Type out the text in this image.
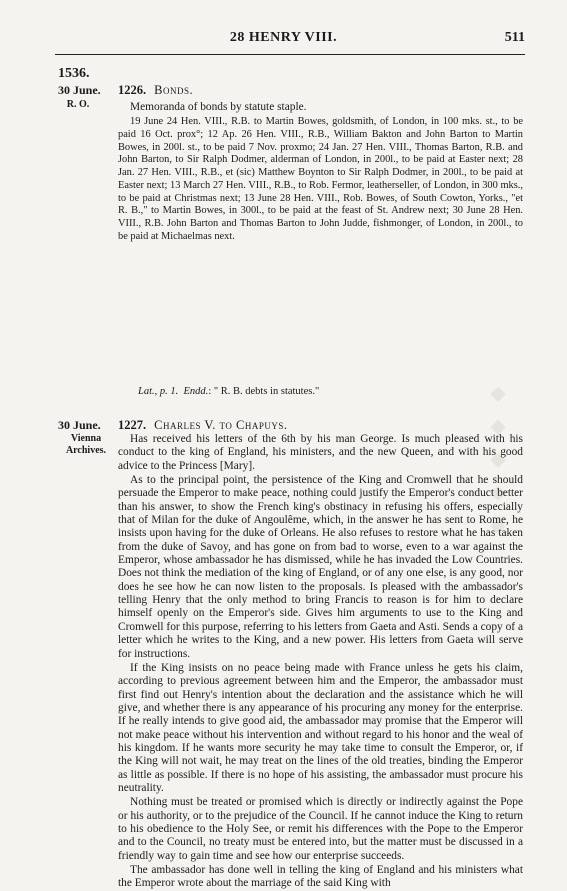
◆ ◆ ◆ ◆ ◆
28 HENRY VIII.	511
1536.
30 June.
R. O.
1226. Bonds.

Memoranda of bonds by statute staple.

19 June 24 Hen. VIII., R.B. to Martin Bowes, goldsmith, of London, in 100 mks. st., to be paid 16 Oct. prox°; 12 Ap. 26 Hen. VIII., R.B., William Bakton and John Barton to Martin Bowes, in 200l. st., to be paid 7 Nov. proxmo; 24 Jan. 27 Hen. VIII., Thomas Barton, R.B. and John Barton, to Sir Ralph Dodmer, alderman of London, in 200l., to be paid at Easter next; 28 Jan. 27 Hen. VIII., R.B., et (sic) Matthew Boynton to Sir Ralph Dodmer, in 200l., to be paid at Easter next; 13 March 27 Hen. VIII., R.B., to Rob. Fermor, leatherseller, of London, in 300 mks., to be paid at Christmas next; 13 June 28 Hen. VIII., Rob. Bowes, of South Cowton, Yorks., "et R. B.," to Martin Bowes, in 300l., to be paid at the feast of St. Andrew next; 30 June 28 Hen. VIII., R.B. John Barton and Thomas Barton to John Judde, fishmonger, of London, in 200l., to be paid at Michaelmas next.

Lat., p. 1. Endd.: " R. B. debts in statutes."
30 June.
Vienna Archives.
1227. Charles V. to Chapuys.

Has received his letters of the 6th by his man George. Is much pleased with his conduct to the king of England, his ministers, and the new Queen, and with his good advice to the Princess [Mary].

As to the principal point, the persistence of the King and Cromwell that he should persuade the Emperor to make peace, nothing could justify the Emperor's conduct better than his answer, to show the French king's obstinacy in refusing his offers, especially that of Milan for the duke of Angoulême, which, in the answer he has sent to Rome, he insists upon having for the duke of Orleans. He also refuses to restore what he has taken from the duke of Savoy, and has gone on from bad to worse, even to a war against the Emperor, whose ambassador he has dismissed, while he has invaded the Low Countries. Does not think the mediation of the king of England, or of any one else, is any good, nor does he see how he can now listen to the proposals. Is pleased with the ambassador's telling Henry that the only method to bring Francis to reason is for him to declare himself openly on the Emperor's side. Gives him arguments to use to the King and Cromwell for this purpose, referring to his letters from Gaeta and Asti. Sends a copy of a letter which he writes to the King, and a new power. His letters from Gaeta will serve for instructions.

If the King insists on no peace being made with France unless he gets his claim, according to previous agreement between him and the Emperor, the ambassador must first find out Henry's intention about the declaration and the assistance which he will give, and whether there is any appearance of his procuring any money for the enterprise. If he really intends to give good aid, the ambassador may promise that the Emperor will not make peace without his intervention and without regard to his honor and the weal of his kingdom. If he wants more security he may take time to consult the Emperor, or, if the King will not wait, he may treat on the lines of the old treaties, binding the Emperor as little as possible. If there is no hope of his assisting, the ambassador must procure his neutrality.

Nothing must be treated or promised which is directly or indirectly against the Pope or his authority, or to the prejudice of the Council. If he cannot induce the King to return to his obedience to the Holy See, or remit his differences with the Pope to the Emperor and to the Council, no treaty must be entered into, but the matter must be discussed in a friendly way to gain time and see how our enterprise succeeds.

The ambassador has done well in telling the king of England and his ministers what the Emperor wrote about the marriage of the said King with
